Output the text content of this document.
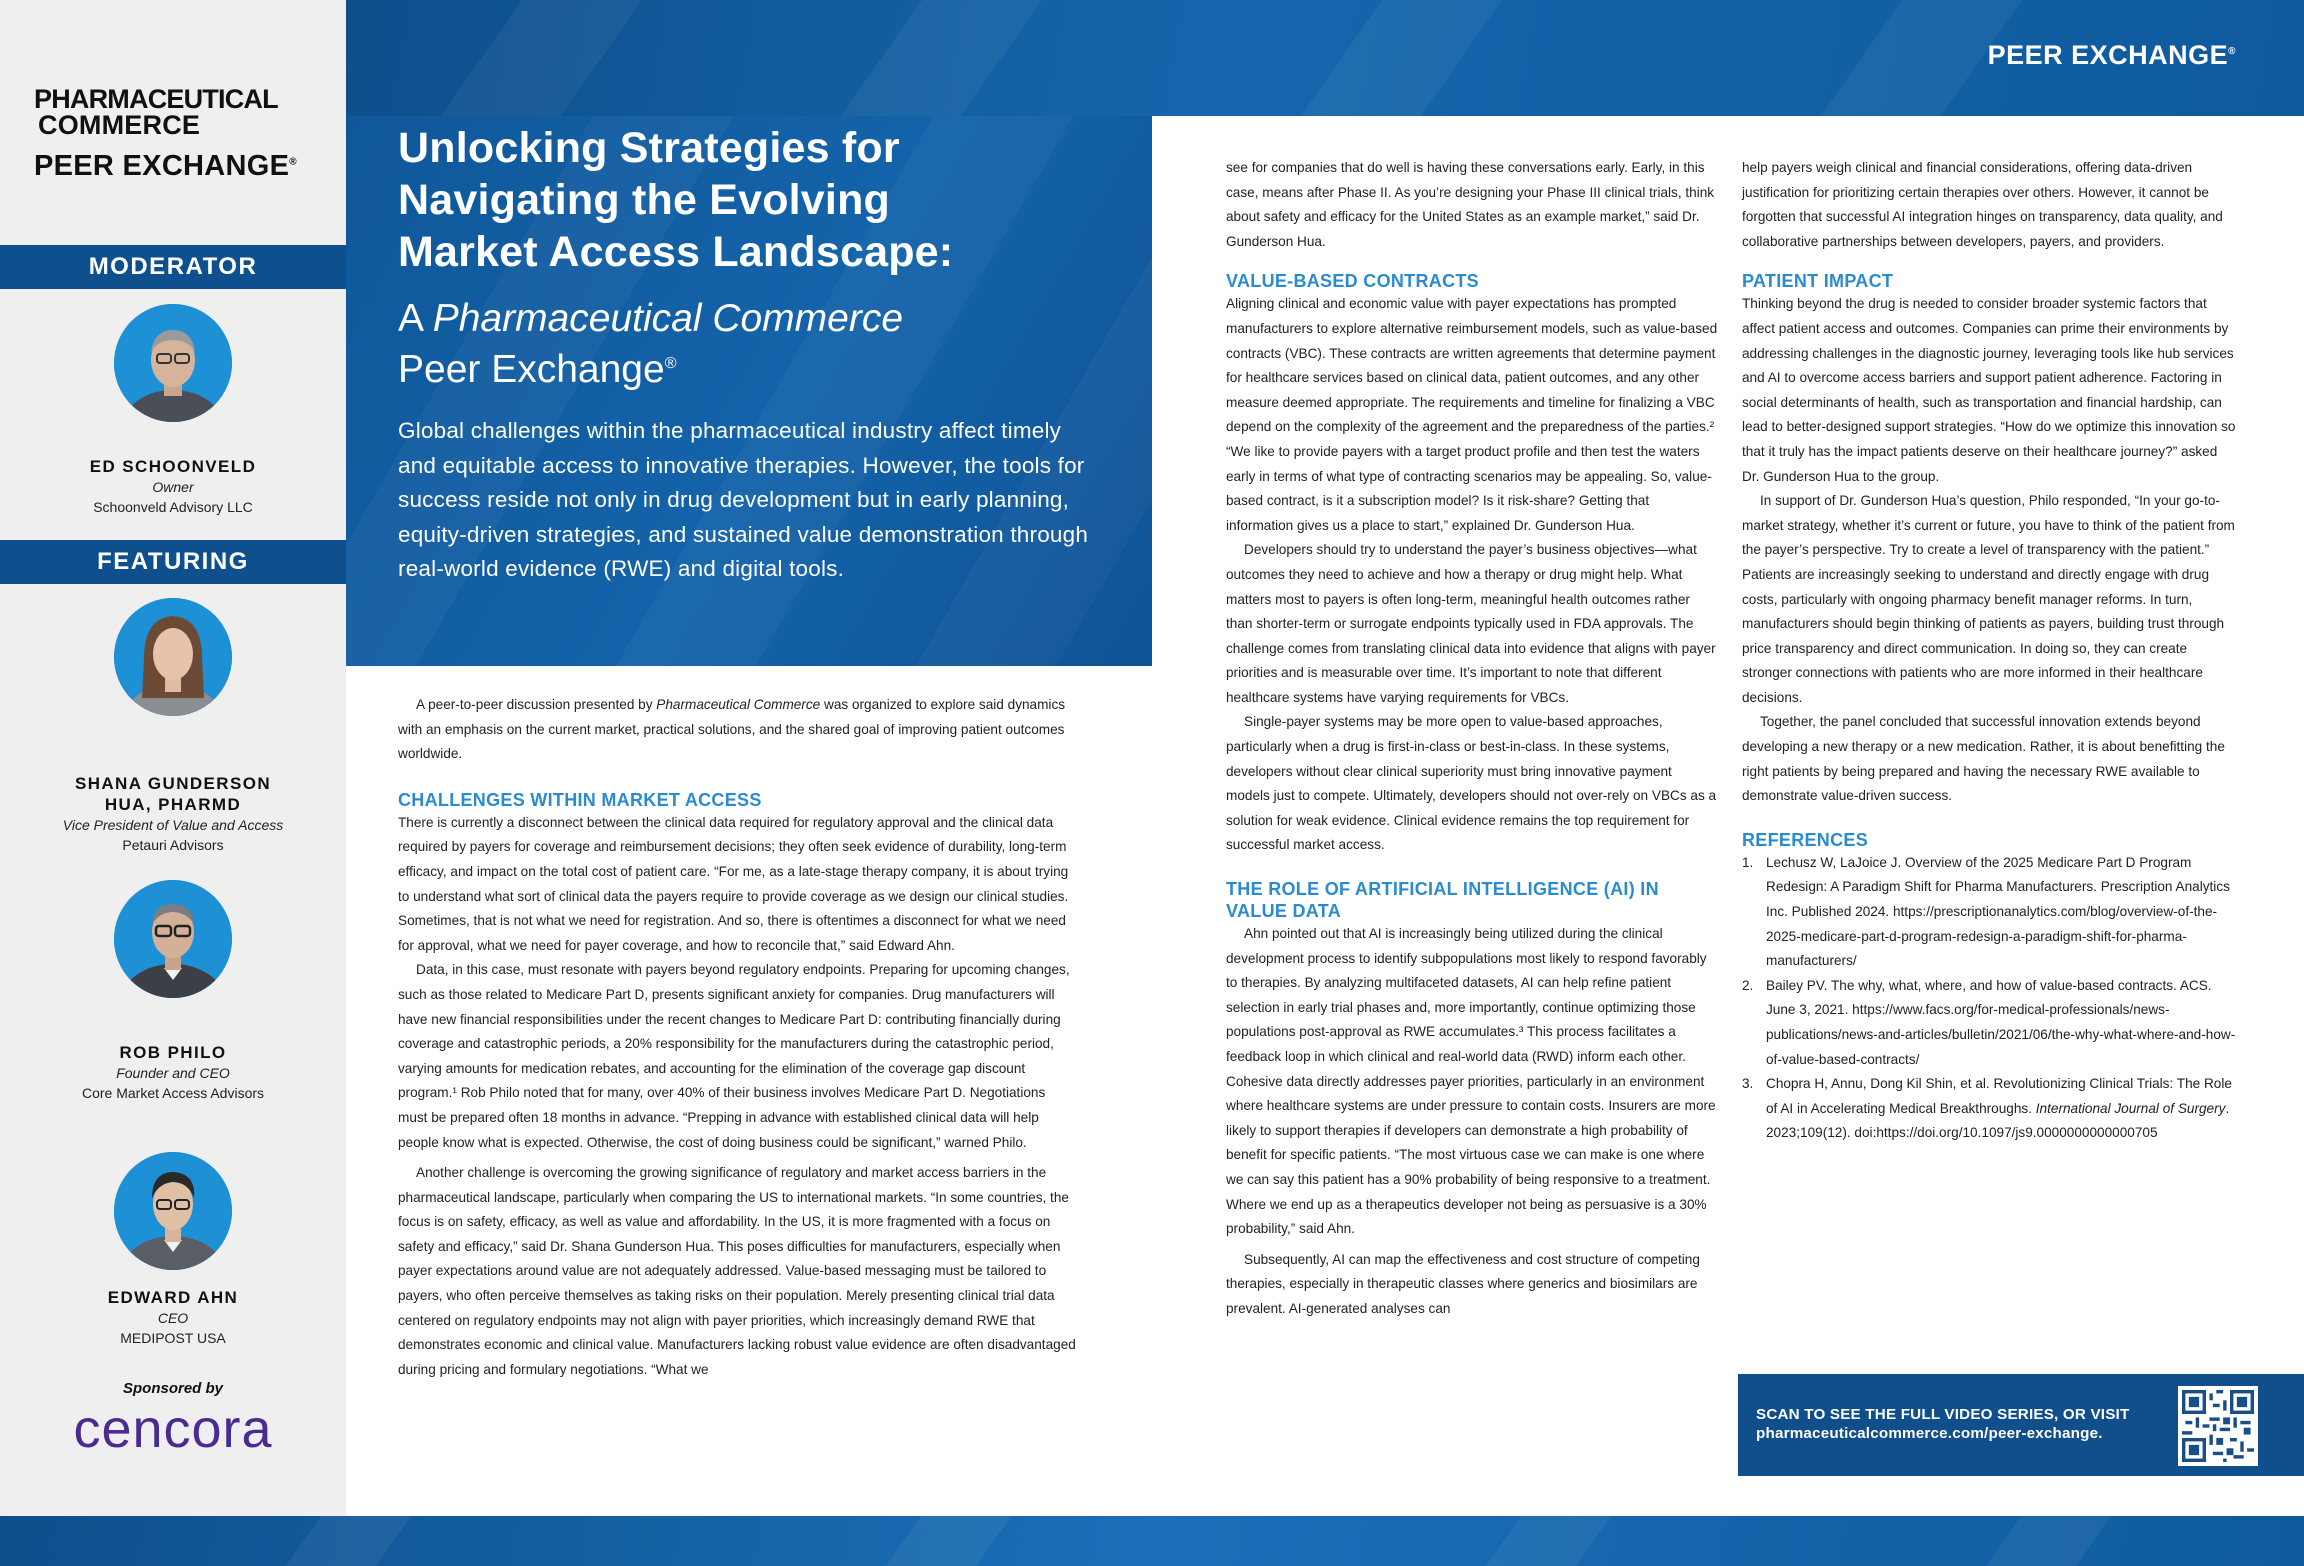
PEER EXCHANGE®
PHARMACEUTICAL
COMMERCE
PEER EXCHANGE®
MODERATOR
ED SCHOONVELD
Owner
Schoonveld Advisory LLC
FEATURING
SHANA GUNDERSON
HUA, PHARMD
Vice President of Value and Access
Petauri Advisors
ROB PHILO
Founder and CEO
Core Market Access Advisors
EDWARD AHN
CEO
MEDIPOST USA
Sponsored by
cencora
Unlocking Strategies for
Navigating the Evolving
Market Access Landscape:
A Pharmaceutical Commerce
Peer Exchange®
Global challenges within the pharmaceutical industry affect timely and equitable access to innovative therapies. However, the tools for success reside not only in drug development but in early planning, equity-driven strategies, and sustained value demonstration through real-world evidence (RWE) and digital tools.

A peer-to-peer discussion presented by Pharmaceutical Commerce was organized to explore said dynamics with an emphasis on the current market, practical solutions, and the shared goal of improving patient outcomes worldwide.

CHALLENGES WITHIN MARKET ACCESS

There is currently a disconnect between the clinical data required for regulatory approval and the clinical data required by payers for coverage and reimbursement decisions; they often seek evidence of durability, long-term efficacy, and impact on the total cost of patient care. “For me, as a late-stage therapy company, it is about trying to understand what sort of clinical data the payers require to provide coverage as we design our clinical studies. Sometimes, that is not what we need for registration. And so, there is oftentimes a disconnect for what we need for approval, what we need for payer coverage, and how to reconcile that,” said Edward Ahn.

Data, in this case, must resonate with payers beyond regulatory endpoints. Preparing for upcoming changes, such as those related to Medicare Part D, presents significant anxiety for companies. Drug manufacturers will have new financial responsibilities under the recent changes to Medicare Part D: contributing financially during coverage and catastrophic periods, a 20% responsibility for the manufacturers during the catastrophic period, varying amounts for medication rebates, and accounting for the elimination of the coverage gap discount program.¹ Rob Philo noted that for many, over 40% of their business involves Medicare Part D. Negotiations must be prepared often 18 months in advance. “Prepping in advance with established clinical data will help people know what is expected. Otherwise, the cost of doing business could be significant,” warned Philo.

Another challenge is overcoming the growing significance of regulatory and market access barriers in the pharmaceutical landscape, particularly when comparing the US to international markets. “In some countries, the focus is on safety, efficacy, as well as value and affordability. In the US, it is more fragmented with a focus on safety and efficacy,” said Dr. Shana Gunderson Hua. This poses difficulties for manufacturers, especially when payer expectations around value are not adequately addressed. Value-based messaging must be tailored to payers, who often perceive themselves as taking risks on their population. Merely presenting clinical trial data centered on regulatory endpoints may not align with payer priorities, which increasingly demand RWE that demonstrates economic and clinical value. Manufacturers lacking robust value evidence are often disadvantaged during pricing and formulary negotiations. “What we

see for companies that do well is having these conversations early. Early, in this case, means after Phase II. As you’re designing your Phase III clinical trials, think about safety and efficacy for the United States as an example market,” said Dr. Gunderson Hua.

VALUE-BASED CONTRACTS

Aligning clinical and economic value with payer expectations has prompted manufacturers to explore alternative reimbursement models, such as value-based contracts (VBC). These contracts are written agreements that determine payment for healthcare services based on clinical data, patient outcomes, and any other measure deemed appropriate. The requirements and timeline for finalizing a VBC depend on the complexity of the agreement and the preparedness of the parties.² “We like to provide payers with a target product profile and then test the waters early in terms of what type of contracting scenarios may be appealing. So, value-based contract, is it a subscription model? Is it risk-share? Getting that information gives us a place to start,” explained Dr. Gunderson Hua.

Developers should try to understand the payer’s business objectives—what outcomes they need to achieve and how a therapy or drug might help. What matters most to payers is often long-term, meaningful health outcomes rather than shorter-term or surrogate endpoints typically used in FDA approvals. The challenge comes from translating clinical data into evidence that aligns with payer priorities and is measurable over time. It’s important to note that different healthcare systems have varying requirements for VBCs.

Single-payer systems may be more open to value-based approaches, particularly when a drug is first-in-class or best-in-class. In these systems, developers without clear clinical superiority must bring innovative payment models just to compete. Ultimately, developers should not over-rely on VBCs as a solution for weak evidence. Clinical evidence remains the top requirement for successful market access.

THE ROLE OF ARTIFICIAL INTELLIGENCE (AI) IN VALUE DATA

Ahn pointed out that AI is increasingly being utilized during the clinical development process to identify subpopulations most likely to respond favorably to therapies. By analyzing multifaceted datasets, AI can help refine patient selection in early trial phases and, more importantly, continue optimizing those populations post-approval as RWE accumulates.³ This process facilitates a feedback loop in which clinical and real-world data (RWD) inform each other. Cohesive data directly addresses payer priorities, particularly in an environment where healthcare systems are under pressure to contain costs. Insurers are more likely to support therapies if developers can demonstrate a high probability of benefit for specific patients. “The most virtuous case we can make is one where we can say this patient has a 90% probability of being responsive to a treatment. Where we end up as a therapeutics developer not being as persuasive is a 30% probability,” said Ahn.

Subsequently, AI can map the effectiveness and cost structure of competing therapies, especially in therapeutic classes where generics and biosimilars are prevalent. AI-generated analyses can

help payers weigh clinical and financial considerations, offering data-driven justification for prioritizing certain therapies over others. However, it cannot be forgotten that successful AI integration hinges on transparency, data quality, and collaborative partnerships between developers, payers, and providers.

PATIENT IMPACT

Thinking beyond the drug is needed to consider broader systemic factors that affect patient access and outcomes. Companies can prime their environments by addressing challenges in the diagnostic journey, leveraging tools like hub services and AI to overcome access barriers and support patient adherence. Factoring in social determinants of health, such as transportation and financial hardship, can lead to better-designed support strategies. “How do we optimize this innovation so that it truly has the impact patients deserve on their healthcare journey?” asked Dr. Gunderson Hua to the group.

In support of Dr. Gunderson Hua’s question, Philo responded, “In your go-to-market strategy, whether it’s current or future, you have to think of the patient from the payer’s perspective. Try to create a level of transparency with the patient.” Patients are increasingly seeking to understand and directly engage with drug costs, particularly with ongoing pharmacy benefit manager reforms. In turn, manufacturers should begin thinking of patients as payers, building trust through price transparency and direct communication. In doing so, they can create stronger connections with patients who are more informed in their healthcare decisions.

Together, the panel concluded that successful innovation extends beyond developing a new therapy or a new medication. Rather, it is about benefitting the right patients by being prepared and having the necessary RWE available to demonstrate value-driven success.

REFERENCES
1. Lechusz W, LaJoice J. Overview of the 2025 Medicare Part D Program Redesign: A Paradigm Shift for Pharma Manufacturers. Prescription Analytics Inc. Published 2024. https://prescriptionanalytics.com/blog/overview-of-the-2025-medicare-part-d-program-redesign-a-paradigm-shift-for-pharma-manufacturers/
2. Bailey PV. The why, what, where, and how of value-based contracts. ACS. June 3, 2021. https://www.facs.org/for-medical-professionals/news-publications/news-and-articles/bulletin/2021/06/the-why-what-where-and-how-of-value-based-contracts/
3. Chopra H, Annu, Dong Kil Shin, et al. Revolutionizing Clinical Trials: The Role of AI in Accelerating Medical Breakthroughs. International Journal of Surgery. 2023;109(12). doi:https://doi.org/10.1097/js9.0000000000000705
SCAN TO SEE THE FULL VIDEO SERIES, OR VISIT
pharmaceuticalcommerce.com/peer-exchange.
